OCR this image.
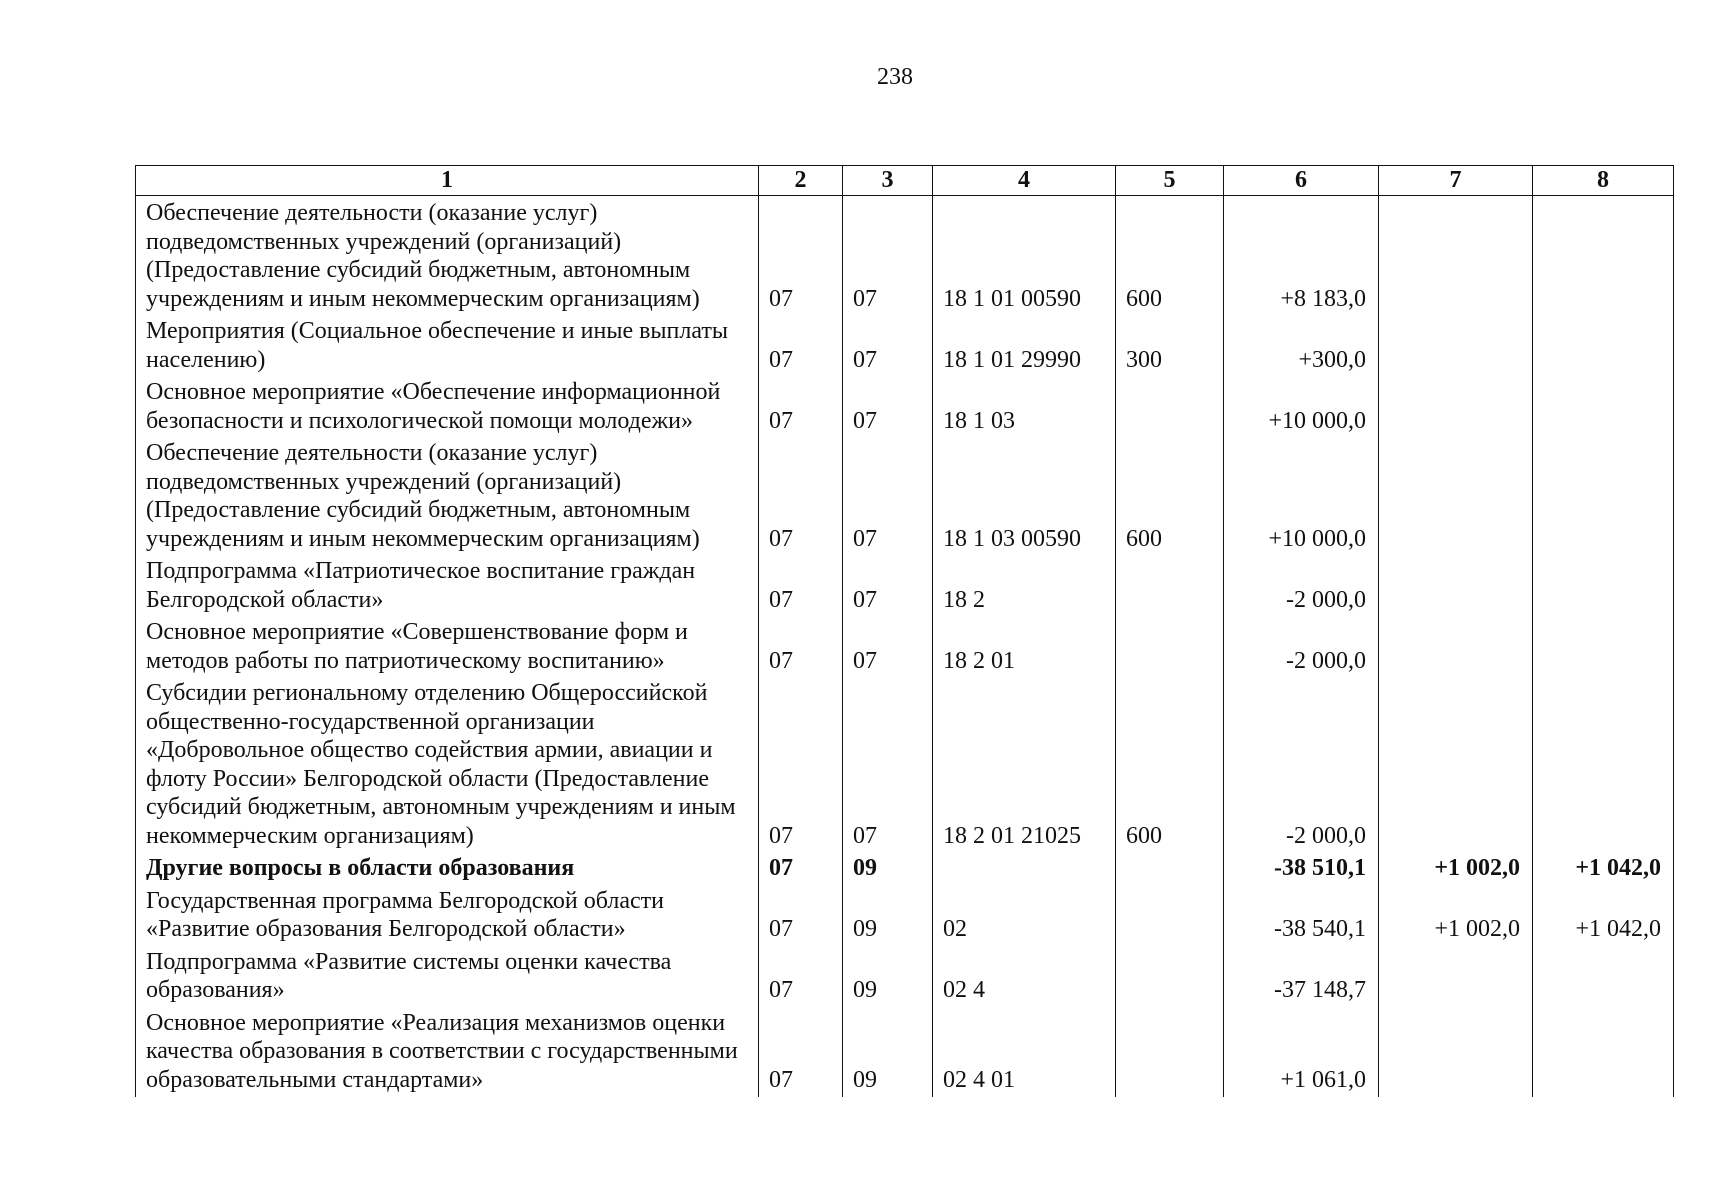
238
1	2	3	4	5	6	7	8
Обеспечение деятельности (оказание услуг) подведомственных учреждений (организаций) (Предоставление субсидий бюджетным, автономным учреждениям и иным некоммерческим организациям)	07	07	18 1 01 00590	600	+8 183,0		
Мероприятия (Социальное обеспечение и иные выплаты населению)	07	07	18 1 01 29990	300	+300,0		
Основное мероприятие «Обеспечение информационной безопасности и психологической помощи молодежи»	07	07	18 1 03		+10 000,0		
Обеспечение деятельности (оказание услуг) подведомственных учреждений (организаций) (Предоставление субсидий бюджетным, автономным учреждениям и иным некоммерческим организациям)	07	07	18 1 03 00590	600	+10 000,0		
Подпрограмма «Патриотическое воспитание граждан Белгородской области»	07	07	18 2		-2 000,0		
Основное мероприятие «Совершенствование форм и методов работы по патриотическому воспитанию»	07	07	18 2 01		-2 000,0		
Субсидии региональному отделению Общероссийской общественно-государственной организации «Добровольное общество содействия армии, авиации и флоту России» Белгородской области (Предоставление субсидий бюджетным, автономным учреждениям и иным некоммерческим организациям)	07	07	18 2 01 21025	600	-2 000,0		
Другие вопросы в области образования	07	09			-38 510,1	+1 002,0	+1 042,0
Государственная программа Белгородской области «Развитие образования Белгородской области»	07	09	02		-38 540,1	+1 002,0	+1 042,0
Подпрограмма «Развитие системы оценки качества образования»	07	09	02 4		-37 148,7		
Основное мероприятие «Реализация механизмов оценки качества образования в соответствии с государственными образовательными стандартами»	07	09	02 4 01		+1 061,0		
